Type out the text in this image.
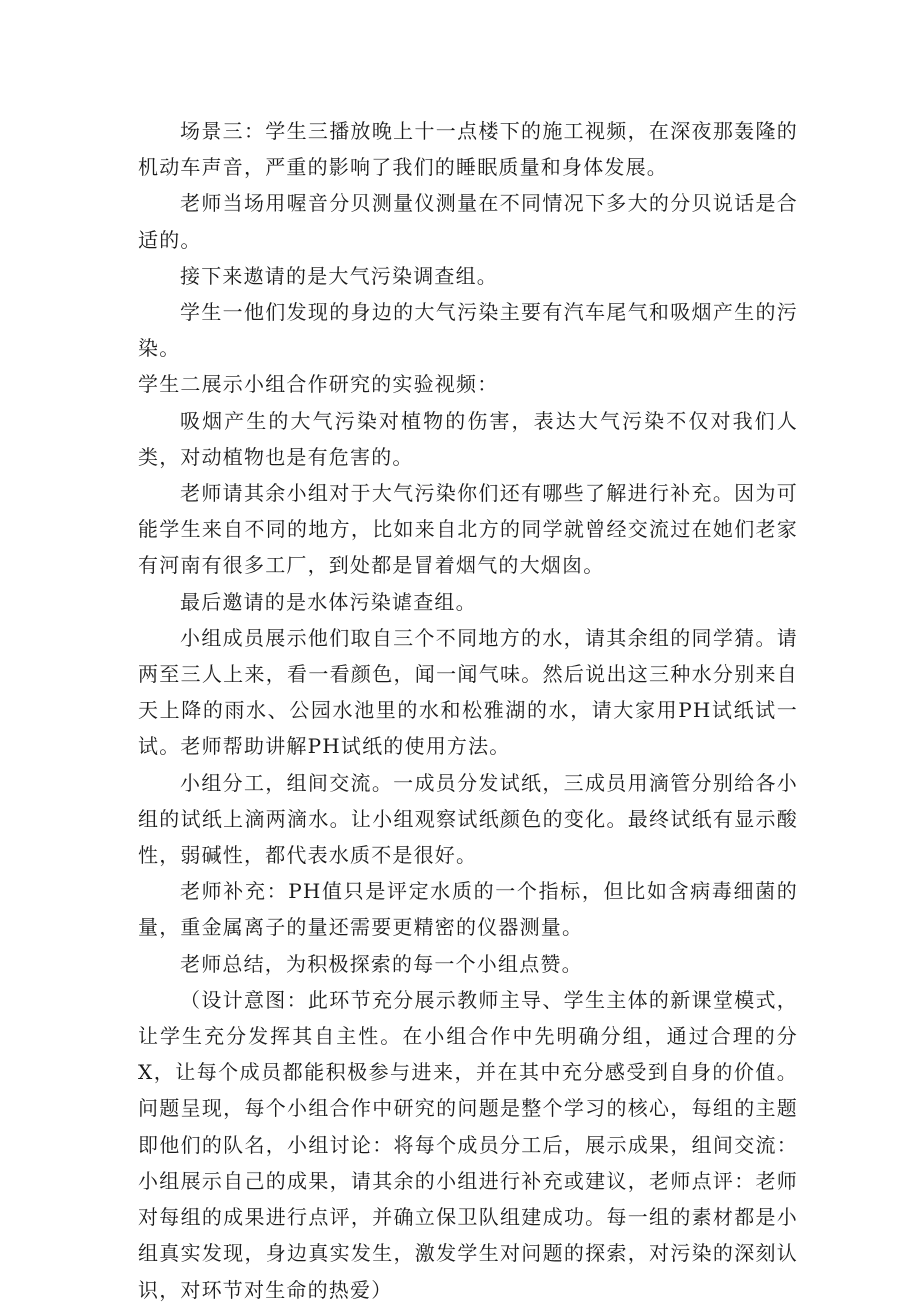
场景三：学生三播放晚上十一点楼下的施工视频，在深夜那轰隆的机动车声音，严重的影响了我们的睡眠质量和身体发展。

老师当场用喔音分贝测量仪测量在不同情况下多大的分贝说话是合适的。

接下来遨请的是大气污染调查组。

学生一他们发现的身边的大气污染主要有汽车尾气和吸烟产生的污染。

学生二展示小组合作研究的实验视频：

吸烟产生的大气污染对植物的伤害，表达大气污染不仅对我们人类，对动植物也是有危害的。

老师请其余小组对于大气污染你们还有哪些了解进行补充。因为可能学生来自不同的地方，比如来自北方的同学就曾经交流过在她们老家有河南有很多工厂，到处都是冒着烟气的大烟囱。

最后邀请的是水体污染谑查组。

小组成员展示他们取自三个不同地方的水，请其余组的同学猜。请两至三人上来，看一看颜色，闻一闻气味。然后说出这三种水分别来自天上降的雨水、公园水池里的水和松雅湖的水，请大家用PH试纸试一试。老师帮助讲解PH试纸的使用方法。

小组分工，组间交流。一成员分发试纸，三成员用滴管分别给各小组的试纸上滴两滴水。让小组观察试纸颜色的变化。最终试纸有显示酸性，弱碱性，都代表水质不是很好。

老师补充：PH值只是评定水质的一个指标，但比如含病毒细菌的量，重金属离子的量还需要更精密的仪器测量。

老师总结，为积极探索的每一个小组点赞。

（设计意图：此环节充分展示教师主导、学生主体的新课堂模式，让学生充分发挥其自主性。在小组合作中先明确分组，通过合理的分X，让每个成员都能积极参与进来，并在其中充分感受到自身的价值。问题呈现，每个小组合作中研究的问题是整个学习的核心，每组的主题即他们的队名，小组讨论：将每个成员分工后，展示成果，组间交流：小组展示自己的成果，请其余的小组进行补充或建议，老师点评：老师对每组的成果进行点评，并确立保卫队组建成功。每一组的素材都是小组真实发现，身边真实发生，激发学生对问题的探索，对污染的深刻认识，对环节对生命的热爱）
